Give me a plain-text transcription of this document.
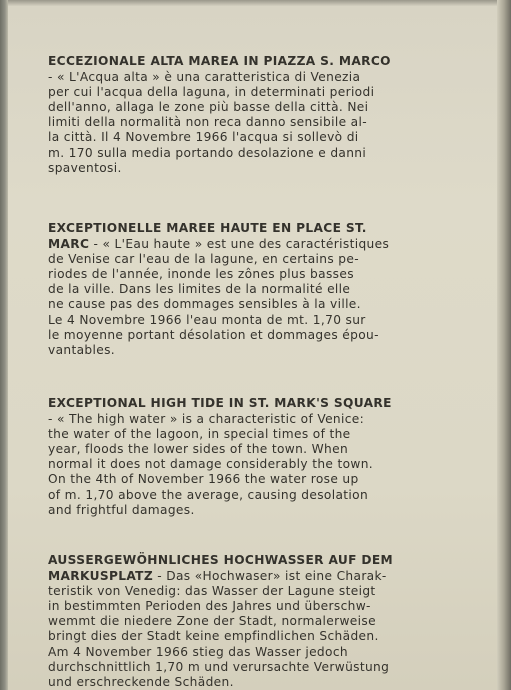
ECCEZIONALE ALTA MAREA IN PIAZZA S. MARCO

- « L'Acqua alta » è una caratteristica di Venezia
per cui l'acqua della laguna, in determinati periodi
dell'anno, allaga le zone più basse della città. Nei
limiti della normalità non reca danno sensibile al-
la città. Il 4 Novembre 1966 l'acqua si sollevò di
m. 170 sulla media portando desolazione e danni
spaventosi.

EXCEPTIONELLE MAREE HAUTE EN PLACE ST.

MARC - « L'Eau haute » est une des caractéristiques
de Venise car l'eau de la lagune, en certains pe-
riodes de l'année, inonde les zônes plus basses
de la ville. Dans les limites de la normalité elle
ne cause pas des dommages sensibles à la ville.
Le 4 Novembre 1966 l'eau monta de mt. 1,70 sur
le moyenne portant désolation et dommages épou-
vantables.

EXCEPTIONAL HIGH TIDE IN ST. MARK'S SQUARE

- « The high water » is a characteristic of Venice:
the water of the lagoon, in special times of the
year, floods the lower sides of the town. When
normal it does not damage considerably the town.
On the 4th of November 1966 the water rose up
of m. 1,70 above the average, causing desolation
and frightful damages.

AUSSERGEWÖHNLICHES HOCHWASSER AUF DEM

MARKUSPLATZ - Das «Hochwaser» ist eine Charak-
teristik von Venedig: das Wasser der Lagune steigt
in bestimmten Perioden des Jahres und überschw-
wemmt die niedere Zone der Stadt, normalerweise
bringt dies der Stadt keine empfindlichen Schäden.
Am 4 November 1966 stieg das Wasser jedoch
durchschnittlich 1,70 m und verursachte Verwüstung
und erschreckende Schäden.
